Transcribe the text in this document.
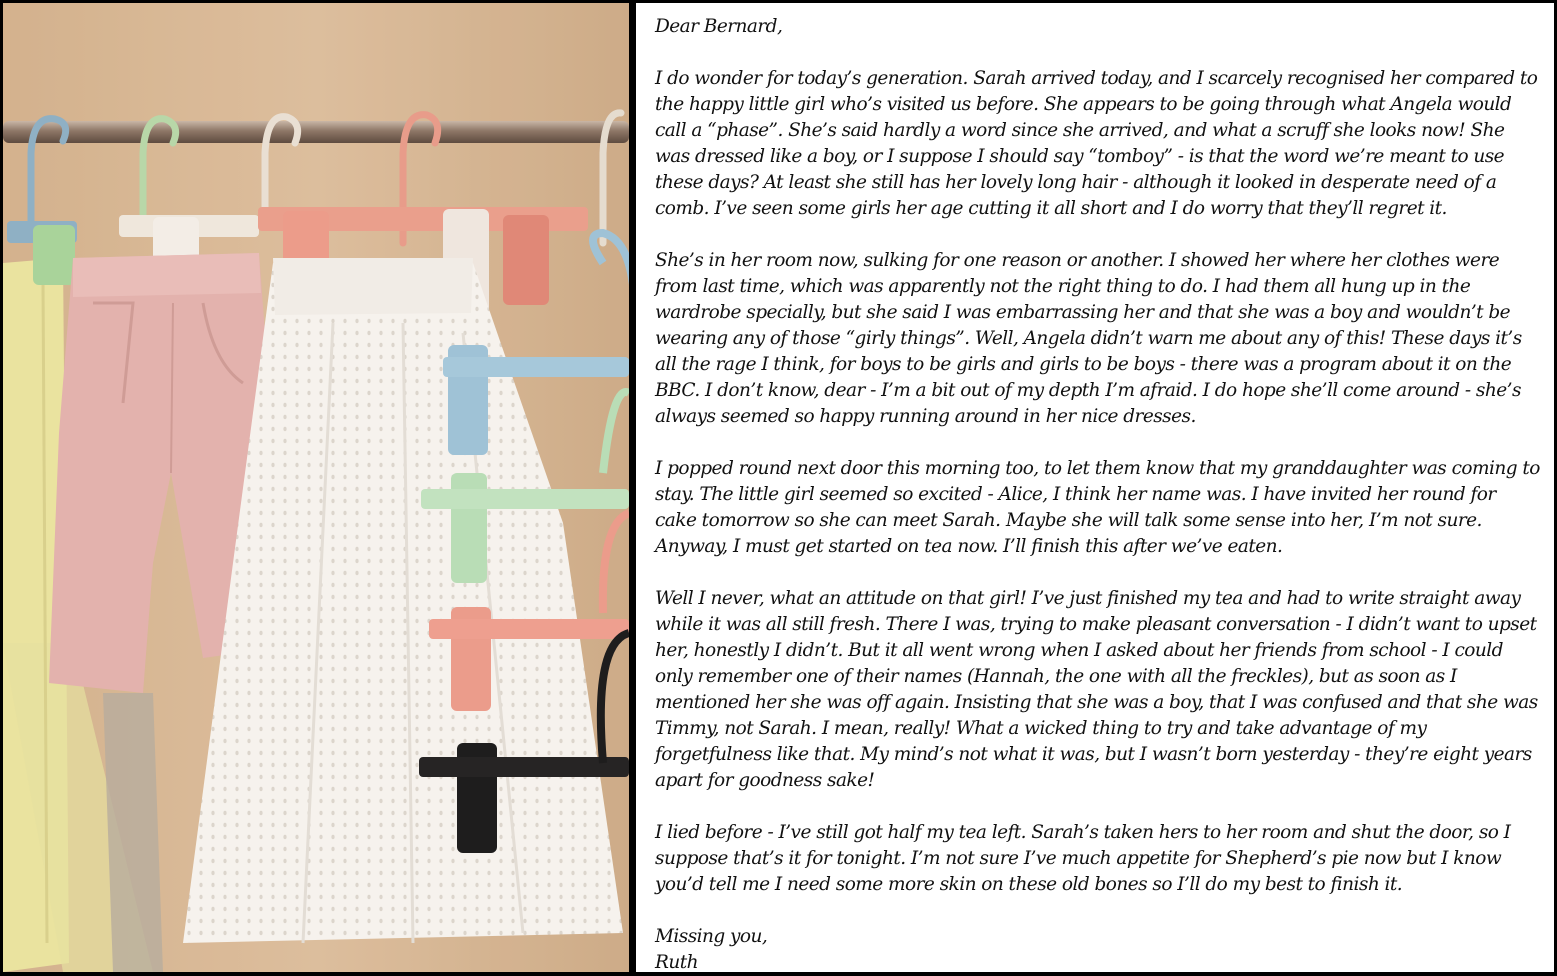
Dear Bernard,

I do wonder for today’s generation. Sarah arrived today, and I scarcely recognised her compared to the happy little girl who’s visited us before. She appears to be going through what Angela would call a “phase”. She’s said hardly a word since she arrived, and what a scruff she looks now! She was dressed like a boy, or I suppose I should say “tomboy” - is that the word we’re meant to use these days? At least she still has her lovely long hair - although it looked in desperate need of a comb. I’ve seen some girls her age cutting it all short and I do worry that they’ll regret it.

She’s in her room now, sulking for one reason or another. I showed her where her clothes were from last time, which was apparently not the right thing to do. I had them all hung up in the wardrobe specially, but she said I was embarrassing her and that she was a boy and wouldn’t be wearing any of those “girly things”. Well, Angela didn’t warn me about any of this! These days it’s all the rage I think, for boys to be girls and girls to be boys - there was a program about it on the BBC. I don’t know, dear - I’m a bit out of my depth I’m afraid. I do hope she’ll come around - she’s always seemed so happy running around in her nice dresses.

I popped round next door this morning too, to let them know that my granddaughter was coming to stay. The little girl seemed so excited - Alice, I think her name was. I have invited her round for cake tomorrow so she can meet Sarah. Maybe she will talk some sense into her, I’m not sure. Anyway, I must get started on tea now. I’ll finish this after we’ve eaten.

Well I never, what an attitude on that girl! I’ve just finished my tea and had to write straight away while it was all still fresh. There I was, trying to make pleasant conversation - I didn’t want to upset her, honestly I didn’t. But it all went wrong when I asked about her friends from school - I could only remember one of their names (Hannah, the one with all the freckles), but as soon as I mentioned her she was off again. Insisting that she was a boy, that I was confused and that she was Timmy, not Sarah. I mean, really! What a wicked thing to try and take advantage of my forgetfulness like that. My mind’s not what it was, but I wasn’t born yesterday - they’re eight years apart for goodness sake!

I lied before - I’ve still got half my tea left. Sarah’s taken hers to her room and shut the door, so I suppose that’s it for tonight. I’m not sure I’ve much appetite for Shepherd’s pie now but I know you’d tell me I need some more skin on these old bones so I’ll do my best to finish it.

Missing you,

Ruth
